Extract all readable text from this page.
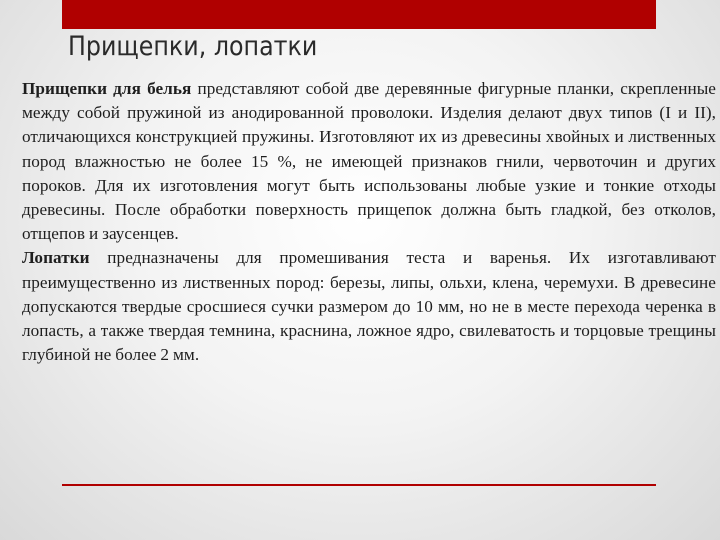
Прищепки, лопатки

Прищепки для белья представляют собой две деревянные фигурные планки, скрепленные между собой пружиной из анодированной проволоки. Изделия делают двух типов (I и II), отличающихся конструкцией пружины. Изготовляют их из древесины хвойных и лиственных пород влажностью не более 15 %, не имеющей признаков гнили, червоточин и других пороков. Для их изготовления могут быть использованы любые узкие и тонкие отходы древесины. После обработки поверхность прищепок должна быть гладкой, без отколов, отщепов и заусенцев.

Лопатки предназначены для промешивания теста и варенья. Их изготавливают преимущественно из лиственных пород: березы, липы, ольхи, клена, черемухи. В древесине допускаются твердые сросшиеся сучки размером до 10 мм, но не в месте перехода черенка в лопасть, а также твердая темнина, краснина, ложное ядро, свилеватость и торцовые трещины глубиной не более 2 мм.
